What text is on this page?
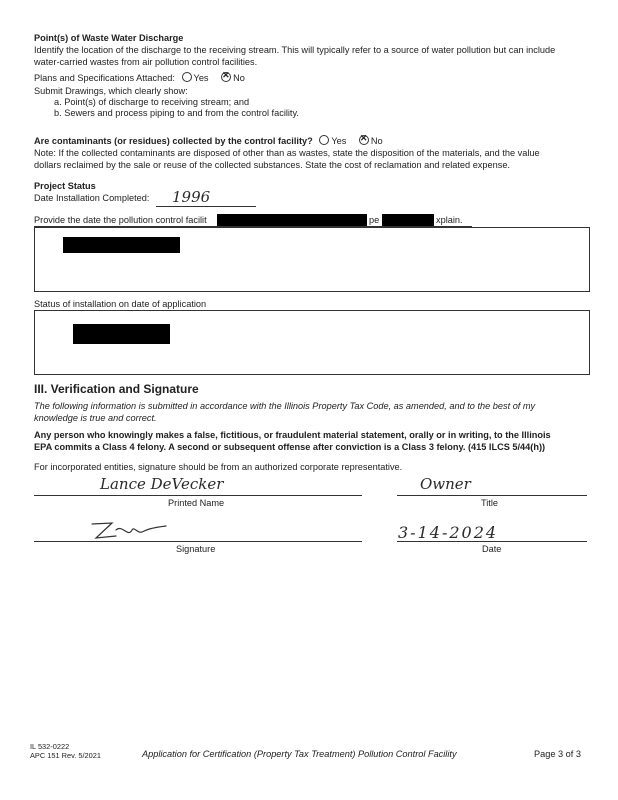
Point(s) of Waste Water Discharge
Identify the location of the discharge to the receiving stream. This will typically refer to a source of water pollution but can include
water-carried wastes from air pollution control facilities.
Plans and Specifications Attached: Yes ✕	No
Submit Drawings, which clearly show:
a. Point(s) of discharge to receiving stream; and
b. Sewers and process piping to and from the control facility.
Are contaminants (or residues) collected by the control facility? Yes ✕	No
Note: If the collected contaminants are disposed of other than as wastes, state the disposition of the materials, and the value
dollars reclaimed by the sale or reuse of the collected substances. State the cost of reclamation and related expense.
Project Status
Date Installation Completed: 1996
Provide the date the pollution control facilit	pe	xplain.
Status of installation on date of application
III. Verification and Signature
The following information is submitted in accordance with the Illinois Property Tax Code, as amended, and to the best of my
knowledge is true and correct.
Any person who knowingly makes a false, fictitious, or fraudulent material statement, orally or in writing, to the Illinois
EPA commits a Class 4 felony. A second or subsequent offense after conviction is a Class 3 felony. (415 ILCS 5/44(h))
For incorporated entities, signature should be from an authorized corporate representative.
Lance DeVecker
Printed Name
Owner
Title
Signature
3-14-2024
Date
IL 532-0222
APC 151 Rev. 5/2021	Application for Certification (Property Tax Treatment) Pollution Control Facility	Page 3 of 3
